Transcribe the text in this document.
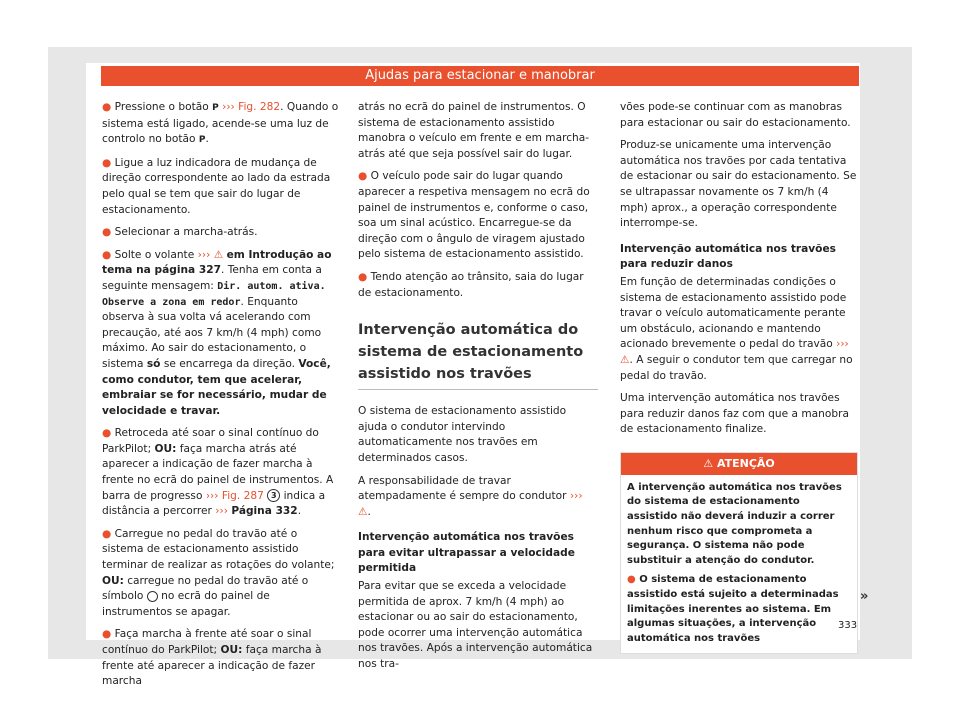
Ajudas para estacionar e manobrar

● Pressione o botão P ››› Fig. 282. Quando o sistema está ligado, acende-se uma luz de controlo no botão P.

● Ligue a luz indicadora de mudança de direção correspondente ao lado da estrada pelo qual se tem que sair do lugar de estacionamento.

● Selecionar a marcha-atrás.

● Solte o volante ››› ⚠ em Introdução ao tema na página 327. Tenha em conta a seguinte mensagem: Dir. autom. ativa. Observe a zona em redor. Enquanto observa à sua volta vá acelerando com precaução, até aos 7 km/h (4 mph) como máximo. Ao sair do estacionamento, o sistema só se encarrega da direção. Você, como condutor, tem que acelerar, embraiar se for necessário, mudar de velocidade e travar.

● Retroceda até soar o sinal contínuo do ParkPilot; OU: faça marcha atrás até aparecer a indicação de fazer marcha à frente no ecrã do painel de instrumentos. A barra de progresso ››› Fig. 287 3 indica a distância a percorrer ››› Página 332.

● Carregue no pedal do travão até o sistema de estacionamento assistido terminar de realizar as rotações do volante; OU: carregue no pedal do travão até o símbolo no ecrã do painel de instrumentos se apagar.

● Faça marcha à frente até soar o sinal contínuo do ParkPilot; OU: faça marcha à frente até aparecer a indicação de fazer marcha

atrás no ecrã do painel de instrumentos. O sistema de estacionamento assistido manobra o veículo em frente e em marcha-atrás até que seja possível sair do lugar.

● O veículo pode sair do lugar quando aparecer a respetiva mensagem no ecrã do painel de instrumentos e, conforme o caso, soa um sinal acústico. Encarregue-se da direção com o ângulo de viragem ajustado pelo sistema de estacionamento assistido.

● Tendo atenção ao trânsito, saia do lugar de estacionamento.

Intervenção automática do sistema de estacionamento assistido nos travões

O sistema de estacionamento assistido ajuda o condutor intervindo automaticamente nos travões em determinados casos.

A responsabilidade de travar atempadamente é sempre do condutor ››› ⚠.

Intervenção automática nos travões para evitar ultrapassar a velocidade permitida

Para evitar que se exceda a velocidade permitida de aprox. 7 km/h (4 mph) ao estacionar ou ao sair do estacionamento, pode ocorrer uma intervenção automática nos travões. Após a intervenção automática nos tra-

vões pode-se continuar com as manobras para estacionar ou sair do estacionamento.

Produz-se unicamente uma intervenção automática nos travões por cada tentativa de estacionar ou sair do estacionamento. Se se ultrapassar novamente os 7 km/h (4 mph) aprox., a operação correspondente interrompe-se.

Intervenção automática nos travões para reduzir danos

Em função de determinadas condições o sistema de estacionamento assistido pode travar o veículo automaticamente perante um obstáculo, acionando e mantendo acionado brevemente o pedal do travão ››› ⚠. A seguir o condutor tem que carregar no pedal do travão.

Uma intervenção automática nos travões para reduzir danos faz com que a manobra de estacionamento finalize.

⚠ ATENÇÃO

A intervenção automática nos travões do sistema de estacionamento assistido não deverá induzir a correr nenhum risco que comprometa a segurança. O sistema não pode substituir a atenção do condutor.

● O sistema de estacionamento assistido está sujeito a determinadas limitações inerentes ao sistema. Em algumas situações, a intervenção automática nos travões

»
333
